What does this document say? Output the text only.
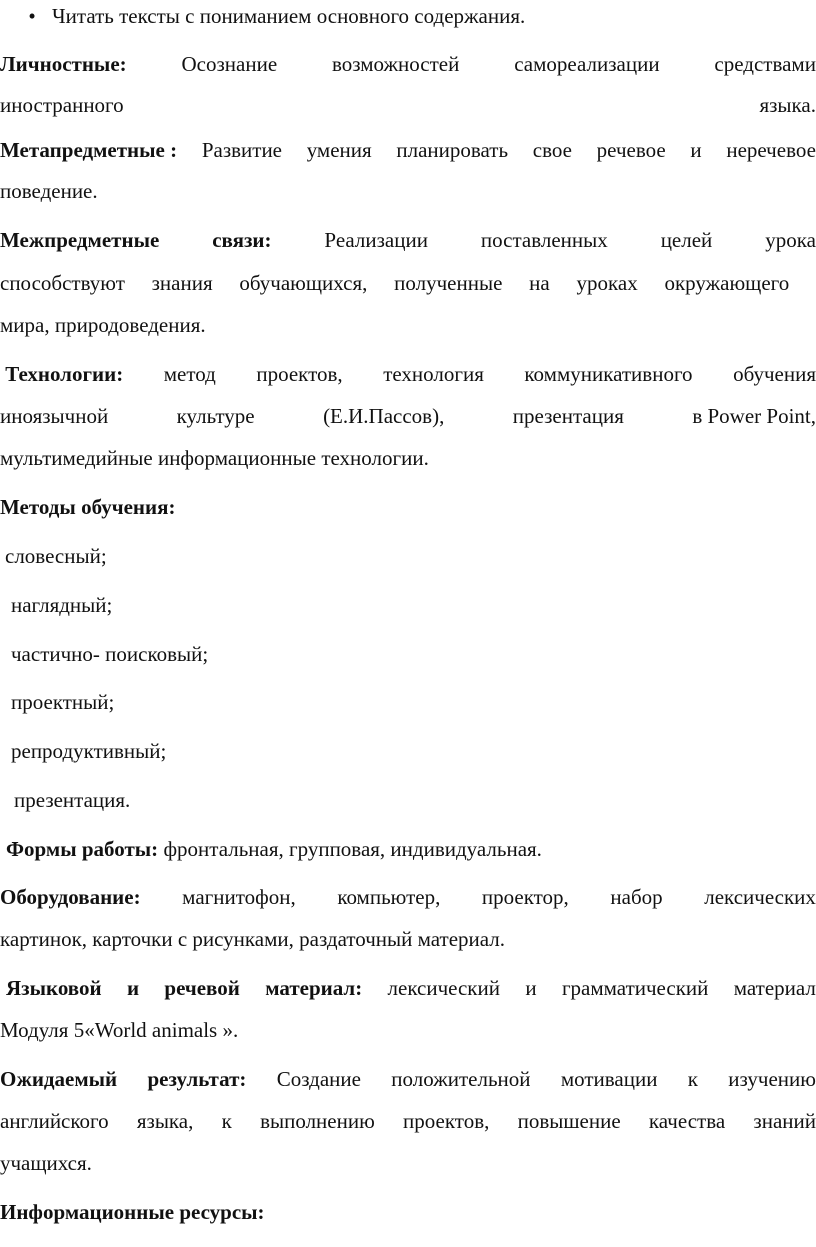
• Читать тексты с пониманием основного содержания.
Личностные:	Осознание	возможностей	самореализации	средствами
иностранного	языка.
Метапредметные : Развитие умения планировать свое речевое и неречевое
поведение.
Межпредметные	связи:	Реализации	поставленных	целей	урока
способствуют знания обучающихся, полученные на уроках окружающего
мира, природоведения.
Технологии: метод проектов, технология коммуникативного обучения
иноязычной	культуре	(Е.И.Пассов),	презентация	в Power Point,
мультимедийные информационные технологии.
Методы обучения:
словесный;
наглядный;
частично- поисковый;
проектный;
репродуктивный;
презентация.
Формы работы: фронтальная, групповая, индивидуальная.
Оборудование: магнитофон, компьютер, проектор, набор лексических
картинок, карточки с рисунками, раздаточный материал.
Языковой и речевой материал: лексический и грамматический материал
Модуля 5«World animals ».
Ожидаемый результат: Создание положительной мотивации к изучению
английского языка, к выполнению проектов, повышение качества знаний
учащихся.
Информационные ресурсы:
